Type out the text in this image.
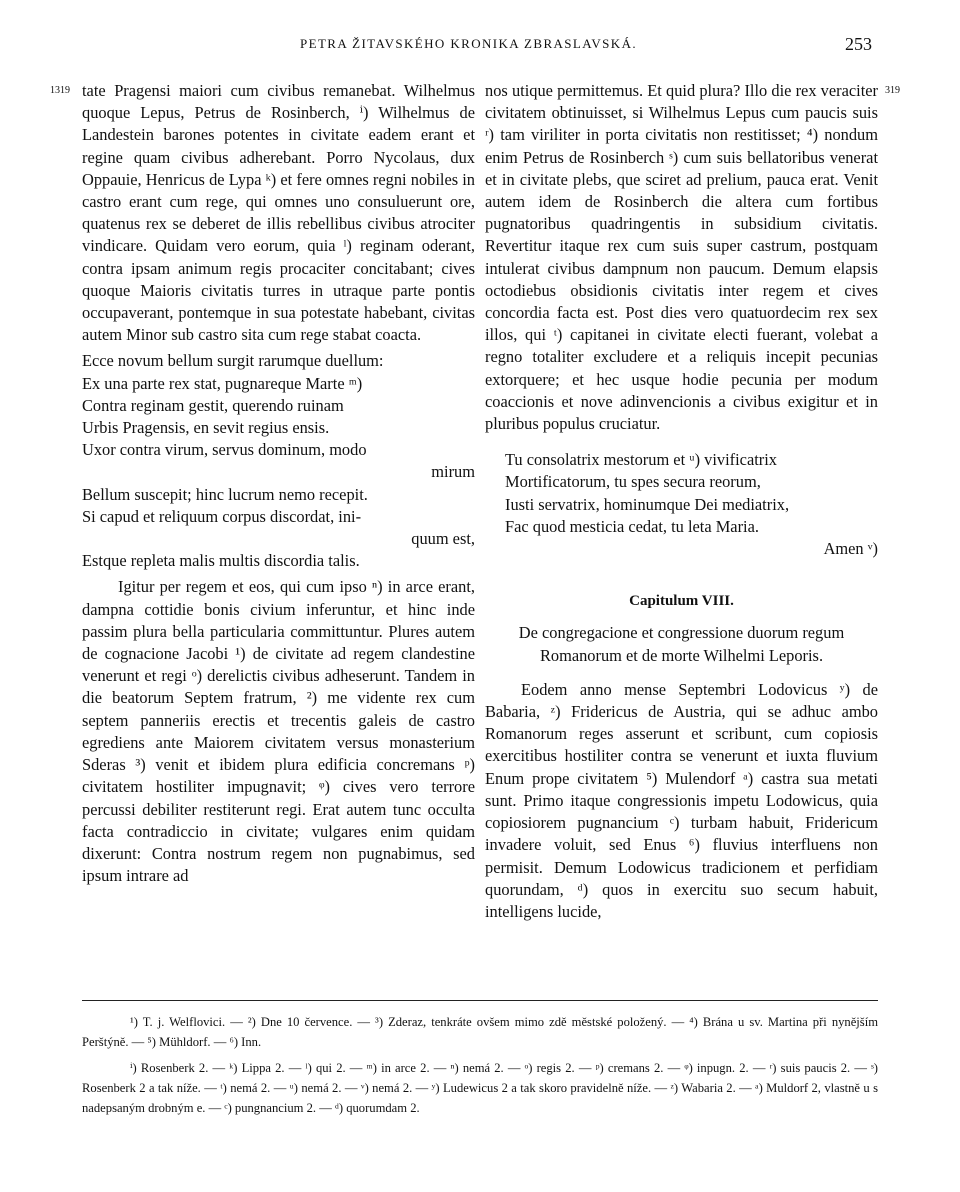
PETRA ŽITAVSKÉHO KRONIKA ZBRASLAVSKÁ.	253
1319	319

tate Pragensi maiori cum civibus remanebat. Wilhelmus quoque Lepus, Petrus de Rosinberch, ⁱ) Wilhelmus de Landestein barones potentes in civitate eadem erant et regine quam civibus adherebant. Porro Nycolaus, dux Oppauie, Henricus de Lypa ᵏ) et fere omnes regni nobiles in castro erant cum rege, qui omnes uno consuluerunt ore, quatenus rex se deberet de illis rebellibus civibus atrociter vindicare. Quidam vero eorum, quia ˡ) reginam oderant, contra ipsam animum regis procaciter concitabant; cives quoque Maioris civitatis turres in utraque parte pontis occupaverant, pontemque in sua potestate habebant, civitas autem Minor sub castro sita cum rege stabat coacta.

Ecce novum bellum surgit rarumque duellum:
Ex una parte rex stat, pugnareque Marte ᵐ)
Contra reginam gestit, querendo ruinam
Urbis Pragensis, en sevit regius ensis.
Uxor contra virum, servus dominum, modo
mirum
Bellum suscepit; hinc lucrum nemo recepit.
Si capud et reliquum corpus discordat, ini-
quum est,
Estque repleta malis multis discordia talis.

Igitur per regem et eos, qui cum ipso ⁿ) in arce erant, dampna cottidie bonis civium inferuntur, et hinc inde passim plura bella particularia committuntur. Plures autem de cognacione Jacobi ¹) de civitate ad regem clandestine venerunt et regi ᵒ) derelictis civibus adheserunt. Tandem in die beatorum Septem fratrum, ²) me vidente rex cum septem panneriis erectis et trecentis galeis de castro egrediens ante Maiorem civitatem versus monasterium Sderas ³) venit et ibidem plura edificia concremans ᵖ) civitatem hostiliter impugnavit; ᵠ) cives vero terrore percussi debiliter restiterunt regi. Erat autem tunc occulta facta contradiccio in civitate; vulgares enim quidam dixerunt: Contra nostrum regem non pugnabimus, sed ipsum intrare ad

nos utique permittemus. Et quid plura? Illo die rex veraciter civitatem obtinuisset, si Wilhelmus Lepus cum paucis suis ʳ) tam viriliter in porta civitatis non restitisset; ⁴) nondum enim Petrus de Rosinberch ˢ) cum suis bellatoribus venerat et in civitate plebs, que sciret ad prelium, pauca erat. Venit autem idem de Rosinberch die altera cum fortibus pugnatoribus quadringentis in subsidium civitatis. Revertitur itaque rex cum suis super castrum, postquam intulerat civibus dampnum non paucum. Demum elapsis octodiebus obsidionis civitatis inter regem et cives concordia facta est. Post dies vero quatuordecim rex sex illos, qui ᵗ) capitanei in civitate electi fuerant, volebat a regno totaliter excludere et a reliquis incepit pecunias extorquere; et hec usque hodie pecunia per modum coaccionis et nove adinvencionis a civibus exigitur et in pluribus populus cruciatur.

Tu consolatrix mestorum et ᵘ) vivificatrix
Mortificatorum, tu spes secura reorum,
Iusti servatrix, hominumque Dei mediatrix,
Fac quod mesticia cedat, tu leta Maria.
Amen ᵛ)
Capitulum VIII.
De congregacione et congressione duorum regum Romanorum et de morte Wilhelmi Leporis.

Eodem anno mense Septembri Lodovicus ʸ) de Babaria, ᶻ) Fridericus de Austria, qui se adhuc ambo Romanorum reges asserunt et scribunt, cum copiosis exercitibus hostiliter contra se venerunt et iuxta fluvium Enum prope civitatem ⁵) Mulendorf ᵃ) castra sua metati sunt. Primo itaque congressionis impetu Lodowicus, quia copiosiorem pugnancium ᶜ) turbam habuit, Fridericum invadere voluit, sed Enus ⁶) fluvius interfluens non permisit. Demum Lodowicus tradicionem et perfidiam quorundam, ᵈ) quos in exercitu suo secum habuit, intelligens lucide,

¹) T. j. Welflovici. — ²) Dne 10 července. — ³) Zderaz, tenkráte ovšem mimo zdě městské položený. — ⁴) Brána u sv. Martina při nynějším Perštýně. — ⁵) Mühldorf. — ⁶) Inn.

ⁱ) Rosenberk 2. — ᵏ) Lippa 2. — ˡ) qui 2. — ᵐ) in arce 2. — ⁿ) nemá 2. — ᵒ) regis 2. — ᵖ) cremans 2. — ᵠ) inpugn. 2. — ʳ) suis paucis 2. — ˢ) Rosenberk 2 a tak níže. — ᵗ) nemá 2. — ᵘ) nemá 2. — ᵛ) nemá 2. — ʸ) Ludewicus 2 a tak skoro pravidelně níže. — ᶻ) Wabaria 2. — ᵃ) Muldorf 2, vlastně u s nadepsaným drobným e. — ᶜ) pungnancium 2. — ᵈ) quorumdam 2.
